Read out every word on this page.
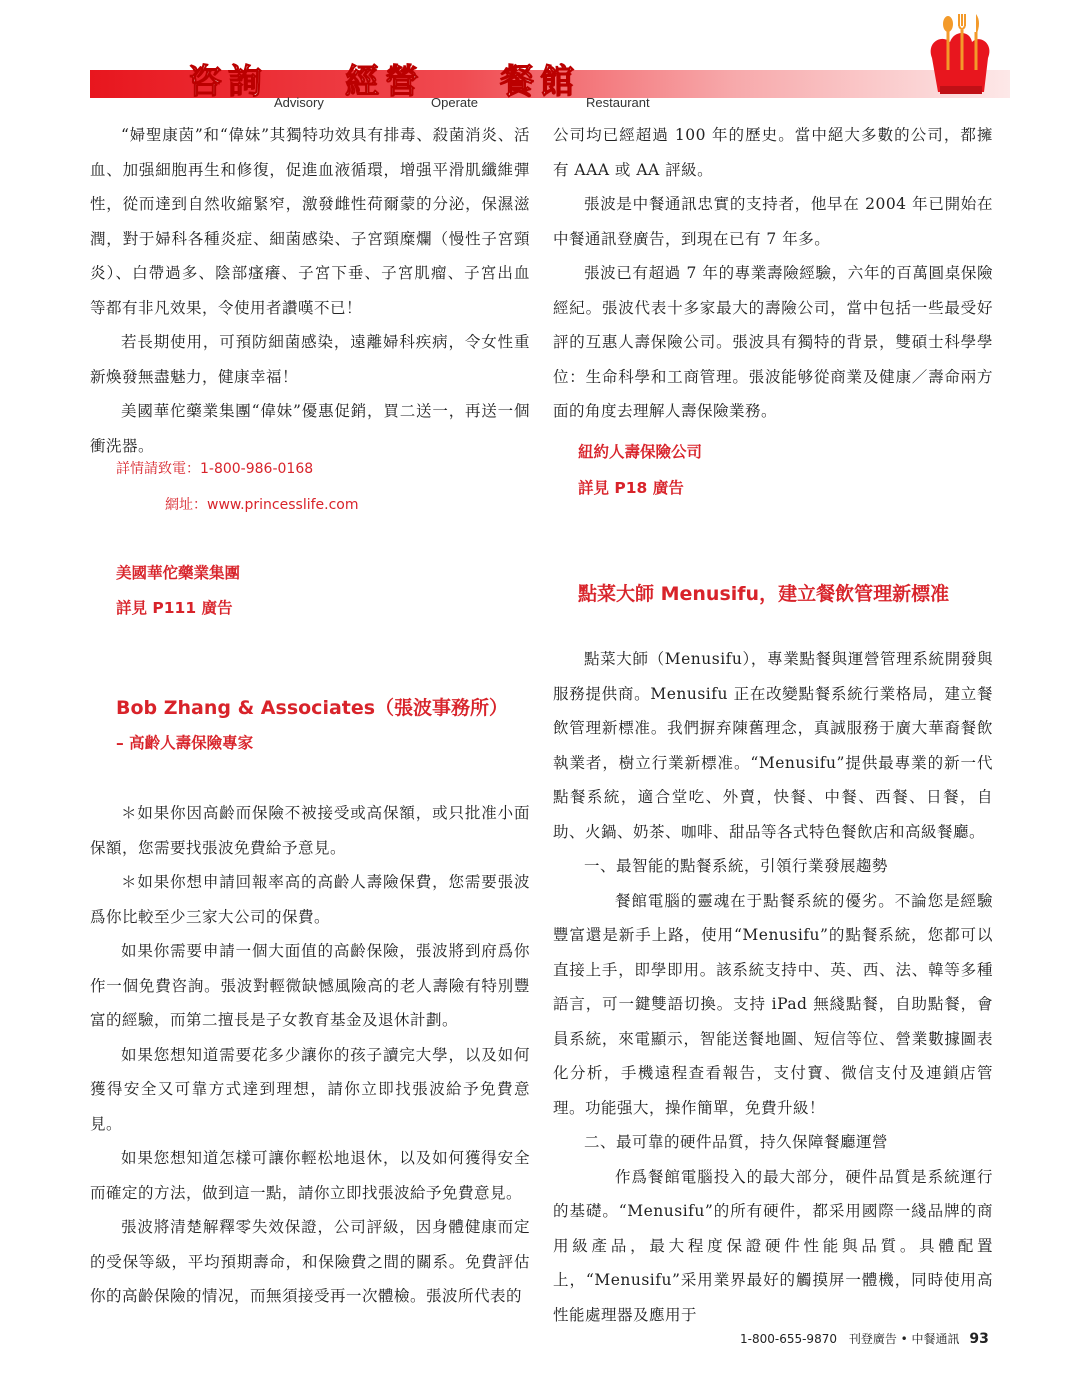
咨詢$_{Advisory}$
經營$_{Operate}$
餐館$_{Restaurant}$

“婦聖康茵”和“偉妹”其獨特功效具有排毒、殺菌消炎、活血、加强細胞再生和修復，促進血液循環，增强平滑肌纖維彈性，從而達到自然收縮緊窄，激發雌性荷爾蒙的分泌，保濕滋潤，對于婦科各種炎症、細菌感染、子宮頸糜爛（慢性子宮頸炎）、白帶過多、陰部瘙癢、子宮下垂、子宮肌瘤、子宮出血等都有非凡效果，令使用者讚嘆不已！

若長期使用，可預防細菌感染，遠離婦科疾病，令女性重新煥發無盡魅力，健康幸福！

美國華佗藥業集團“偉妹”優惠促銷，買二送一，再送一個衝洗器。

詳情請致電：1-800-986-0168
網址：www.princesslife.com
美國華佗藥業集團
詳見 P111 廣告
Bob Zhang & Associates（張波事務所）
– 高齡人壽保險專家

＊如果你因高齡而保險不被接受或高保額，或只批准小面保額，您需要找張波免費給予意見。

＊如果你想申請回報率高的高齡人壽險保費，您需要張波爲你比較至少三家大公司的保費。

如果你需要申請一個大面值的高齡保險，張波將到府爲你作一個免費咨詢。張波對輕微缺憾風險高的老人壽險有特別豐富的經驗，而第二擅長是子女教育基金及退休計劃。

如果您想知道需要花多少讓你的孩子讀完大學，以及如何獲得安全又可靠方式達到理想，請你立即找張波給予免費意見。

如果您想知道怎樣可讓你輕松地退休，以及如何獲得安全而確定的方法，做到這一點，請你立即找張波給予免費意見。

張波將清楚解釋零失效保證，公司評級，因身體健康而定的受保等級，平均預期壽命，和保險費之間的關系。免費評估你的高齡保險的情况，而無須接受再一次體檢。張波所代表的

公司均已經超過 100 年的歷史。當中絕大多數的公司，都擁有 AAA 或 AA 評級。

張波是中餐通訊忠實的支持者，他早在 2004 年已開始在中餐通訊登廣告，到現在已有 7 年多。

張波已有超過 7 年的專業壽險經驗，六年的百萬圓桌保險經紀。張波代表十多家最大的壽險公司，當中包括一些最受好評的互惠人壽保險公司。張波具有獨特的背景，雙碩士科學學位：生命科學和工商管理。張波能够從商業及健康／壽命兩方面的角度去理解人壽保險業務。

紐約人壽保險公司
詳見 P18 廣告
點菜大師 Menusifu，建立餐飲管理新標准

點菜大師（Menusifu），專業點餐與運營管理系統開發與服務提供商。Menusifu 正在改變點餐系統行業格局，建立餐飲管理新標准。我們摒弃陳舊理念，真誠服務于廣大華裔餐飲執業者，樹立行業新標准。“Menusifu”提供最專業的新一代點餐系統，適合堂吃、外賣，快餐、中餐、西餐、日餐，自助、火鍋、奶茶、咖啡、甜品等各式特色餐飲店和高級餐廳。

一、最智能的點餐系統，引領行業發展趨勢

餐館電腦的靈魂在于點餐系統的優劣。不論您是經驗豐富還是新手上路，使用“Menusifu”的點餐系統，您都可以直接上手，即學即用。該系統支持中、英、西、法、韓等多種語言，可一鍵雙語切換。支持 iPad 無綫點餐，自助點餐，會員系統，來電顯示，智能送餐地圖、短信等位、營業數據圖表化分析，手機遠程查看報告，支付寶、微信支付及連鎖店管理。功能强大，操作簡單，免費升級！

二、最可靠的硬件品質，持久保障餐廳運營

作爲餐館電腦投入的最大部分，硬件品質是系統運行的基礎。“Menusifu”的所有硬件，都采用國際一綫品牌的商用級產品，最大程度保證硬件性能與品質。具體配置上，“Menusifu”采用業界最好的觸摸屏一體機，同時使用高性能處理器及應用于

1-800-655-9870 刊登廣告 • 中餐通訊 93
